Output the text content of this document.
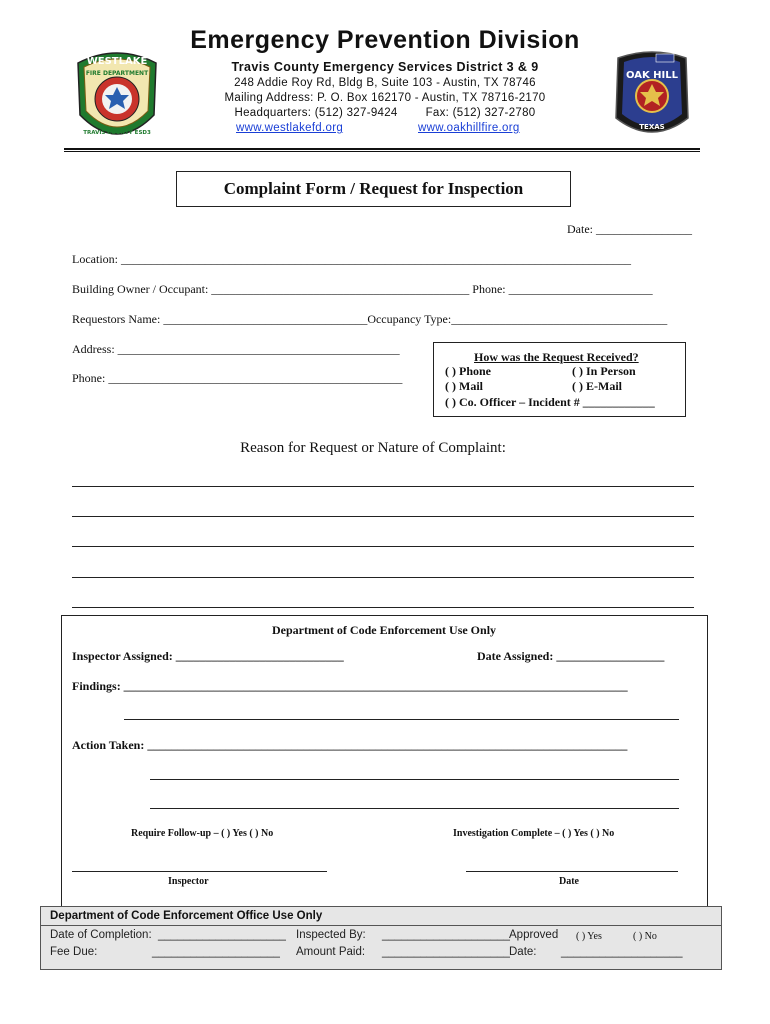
Emergency Prevention Division
Travis County Emergency Services District 3 & 9
248 Addie Roy Rd, Bldg B, Suite 103 - Austin, TX 78746
Mailing Address: P. O. Box 162170 - Austin, TX 78716-2170
Headquarters: (512) 327-9424        Fax: (512) 327-2780
www.westlakefd.org	www.oakhillfire.org
WESTLAKE
FIRE DEPARTMENT
TRAVIS COUNTY ESD3
OAK HILL
TEXAS
Complaint Form / Request for Inspection
Date: ________________
Location: _____________________________________________________________________________________
Building Owner / Occupant: ___________________________________________ Phone: ________________________
Requestors Name: __________________________________Occupancy Type:____________________________________
Address: _______________________________________________
Phone: _________________________________________________
How was the Request Received?
( ) Phone	( ) In Person
( ) Mail	( ) E-Mail
( ) Co. Officer – Incident # ____________
Reason for Request or Nature of Complaint:
Department of Code Enforcement Use Only
Inspector Assigned: ____________________________	Date Assigned: __________________
Findings: ____________________________________________________________________________________
Action Taken: ________________________________________________________________________________
Require Follow-up – ( ) Yes ( ) No	Investigation Complete – ( ) Yes ( ) No
Inspector	Date
Department of Code Enforcement Office Use Only
Date of Completion: ____________________ Inspected By: ____________________ Approved ( ) Yes	( ) No
Fee Due:	____________________ Amount Paid: ____________________ Date: ___________________
